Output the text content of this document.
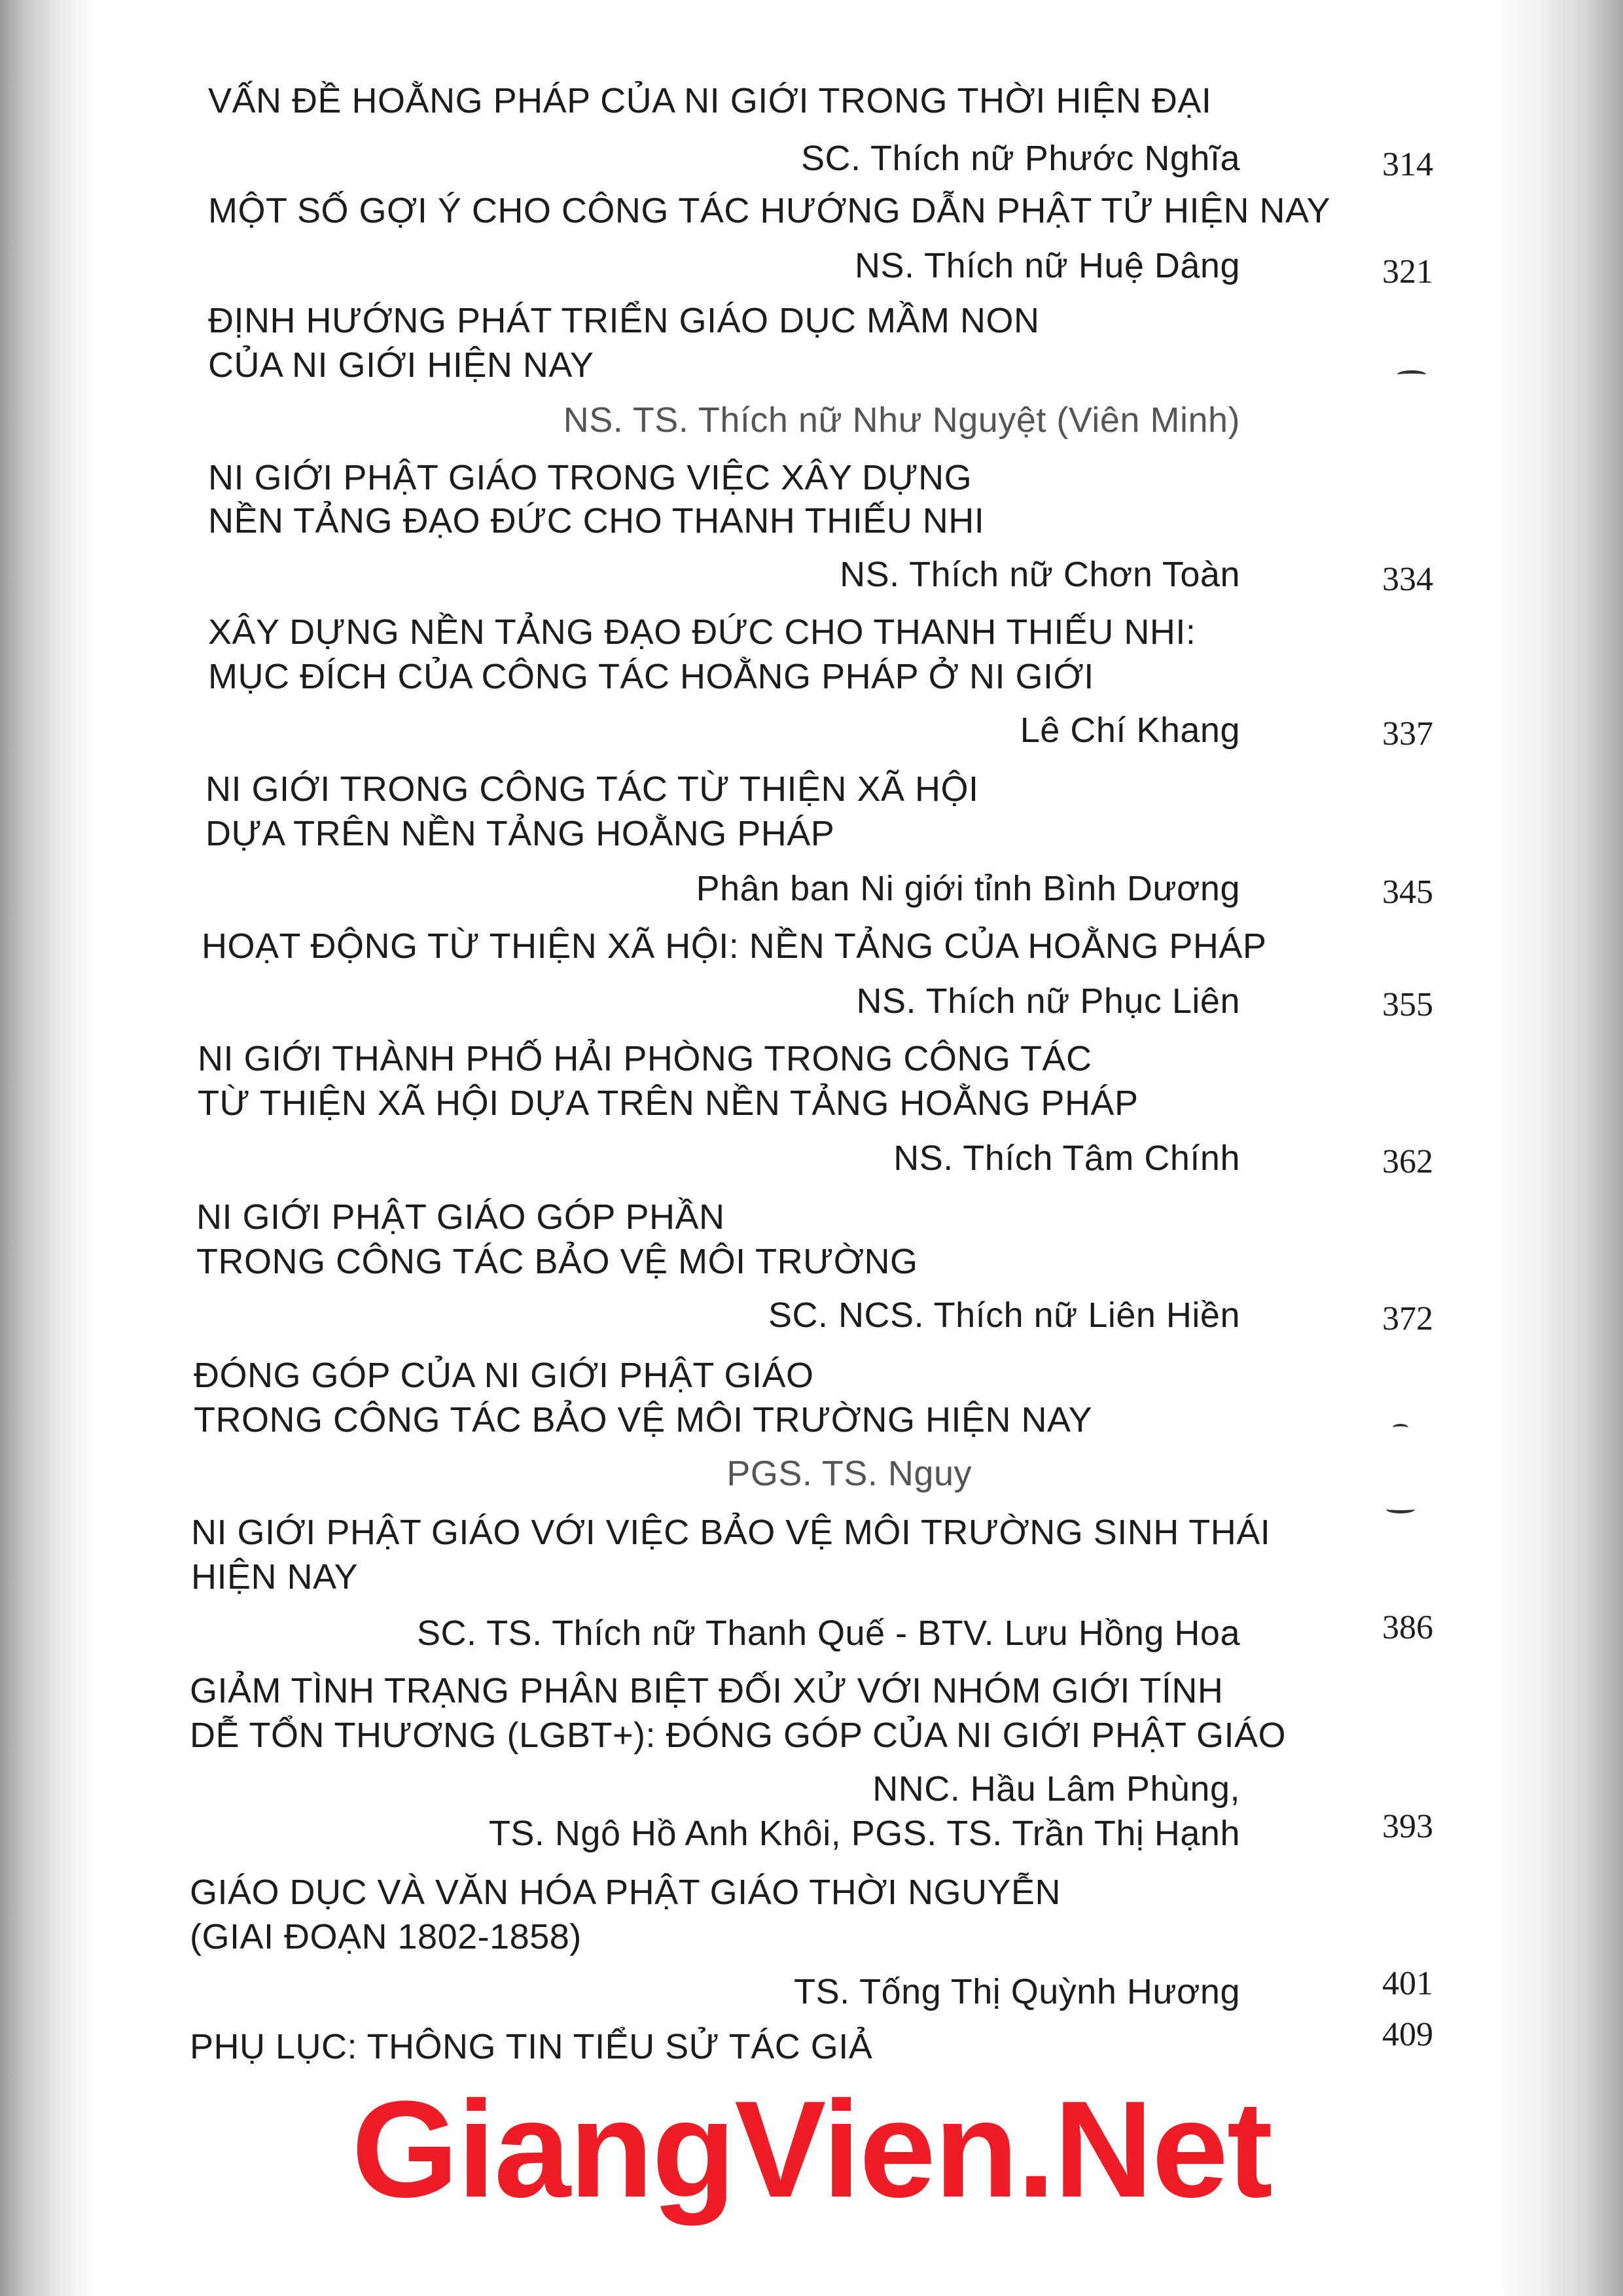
VẤN ĐỀ HOẰNG PHÁP CỦA NI GIỚI TRONG THỜI HIỆN ĐẠI
SC. Thích nữ Phước Nghĩa	314
MỘT SỐ GỢI Ý CHO CÔNG TÁC HƯỚNG DẪN PHẬT TỬ HIỆN NAY
NS. Thích nữ Huệ Dâng	321
ĐỊNH HƯỚNG PHÁT TRIỂN GIÁO DỤC MẦM NON
CỦA NI GIỚI HIỆN NAY
NS. TS. Thích nữ Như Nguyệt (Viên Minh)
NI GIỚI PHẬT GIÁO TRONG VIỆC XÂY DỰNG
NỀN TẢNG ĐẠO ĐỨC CHO THANH THIẾU NHI
NS. Thích nữ Chơn Toàn	334
XÂY DỰNG NỀN TẢNG ĐẠO ĐỨC CHO THANH THIẾU NHI:
MỤC ĐÍCH CỦA CÔNG TÁC HOẰNG PHÁP Ở NI GIỚI
Lê Chí Khang	337
NI GIỚI TRONG CÔNG TÁC TỪ THIỆN XÃ HỘI
DỰA TRÊN NỀN TẢNG HOẰNG PHÁP
Phân ban Ni giới tỉnh Bình Dương	345
HOẠT ĐỘNG TỪ THIỆN XÃ HỘI: NỀN TẢNG CỦA HOẰNG PHÁP
NS. Thích nữ Phục Liên	355
NI GIỚI THÀNH PHỐ HẢI PHÒNG TRONG CÔNG TÁC
TỪ THIỆN XÃ HỘI DỰA TRÊN NỀN TẢNG HOẰNG PHÁP
NS. Thích Tâm Chính	362
NI GIỚI PHẬT GIÁO GÓP PHẦN
TRONG CÔNG TÁC BẢO VỆ MÔI TRƯỜNG
SC. NCS. Thích nữ Liên Hiền	372
ĐÓNG GÓP CỦA NI GIỚI PHẬT GIÁO
TRONG CÔNG TÁC BẢO VỆ MÔI TRƯỜNG HIỆN NAY
PGS. TS. Nguy
NI GIỚI PHẬT GIÁO VỚI VIỆC BẢO VỆ MÔI TRƯỜNG SINH THÁI
HIỆN NAY
SC. TS. Thích nữ Thanh Quế - BTV. Lưu Hồng Hoa	386
GIẢM TÌNH TRẠNG PHÂN BIỆT ĐỐI XỬ VỚI NHÓM GIỚI TÍNH
DỄ TỔN THƯƠNG (LGBT+): ĐÓNG GÓP CỦA NI GIỚI PHẬT GIÁO
NNC. Hầu Lâm Phùng,
TS. Ngô Hồ Anh Khôi, PGS. TS. Trần Thị Hạnh	393
GIÁO DỤC VÀ VĂN HÓA PHẬT GIÁO THỜI NGUYỄN
(GIAI ĐOẠN 1802-1858)
TS. Tống Thị Quỳnh Hương	401
PHỤ LỤC: THÔNG TIN TIỂU SỬ TÁC GIẢ	409
GiangVien.Net
